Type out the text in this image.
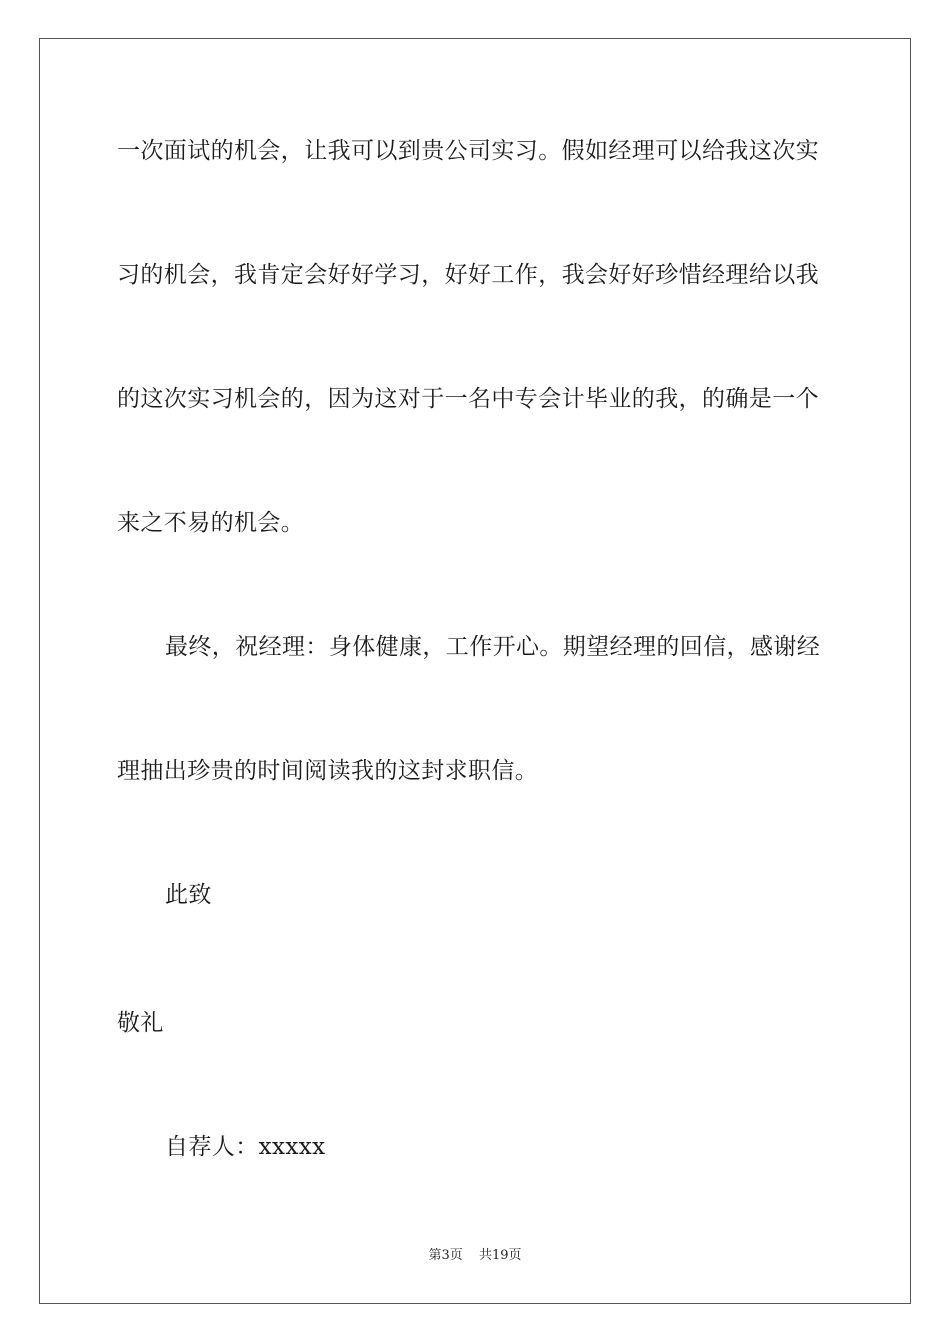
一次面试的机会，让我可以到贵公司实习。假如经理可以给我这次实
习的机会，我肯定会好好学习，好好工作，我会好好珍惜经理给以我
的这次实习机会的，因为这对于一名中专会计毕业的我，的确是一个
来之不易的机会。
最终，祝经理：身体健康，工作开心。期望经理的回信，感谢经
理抽出珍贵的时间阅读我的这封求职信。
此致
敬礼
自荐人：xxxxx
第3页 共19页
